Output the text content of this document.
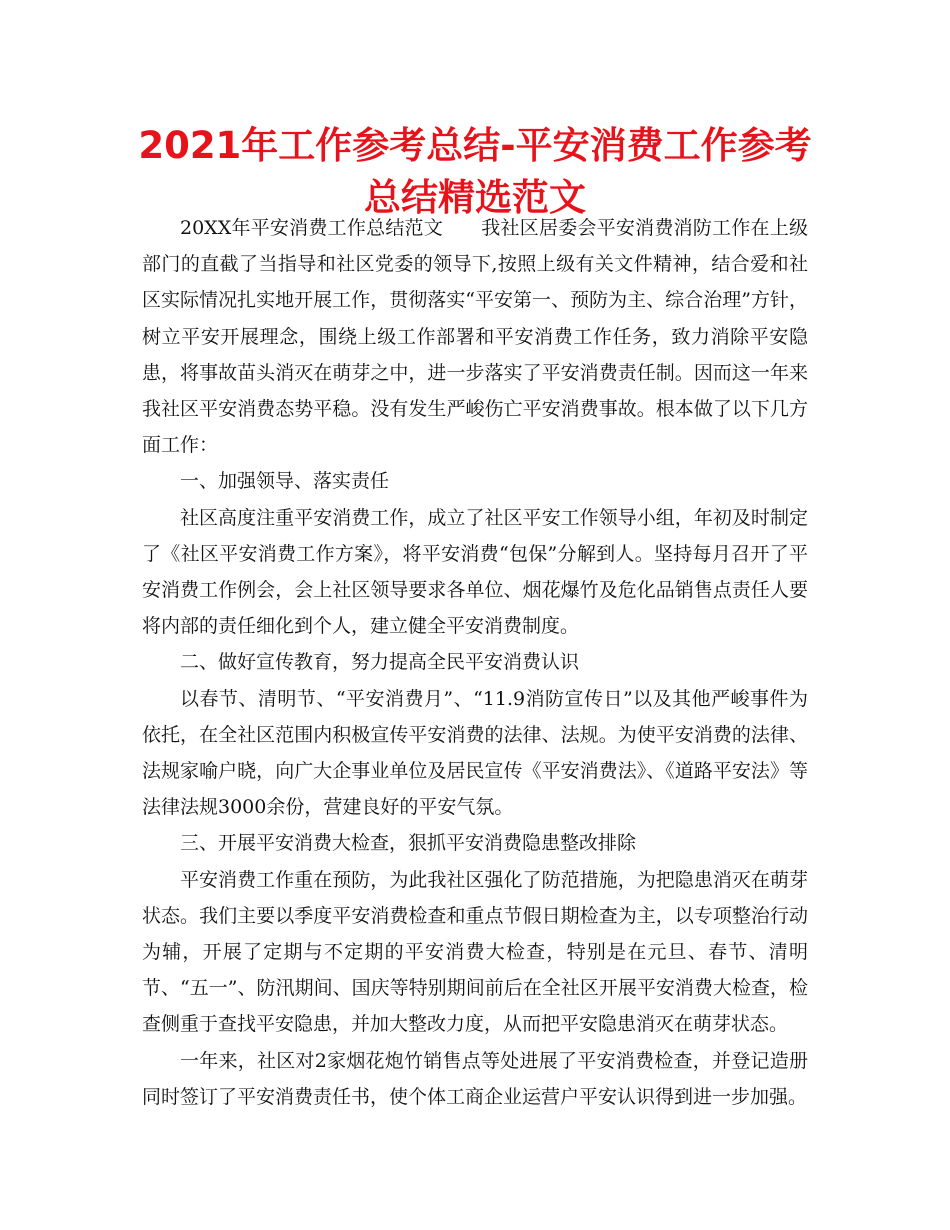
2021年工作参考总结-平安消费工作参考总结精选范文

20XX年平安消费工作总结范文 我社区居委会平安消费消防工作在上级部门的直截了当指导和社区党委的领导下,按照上级有关文件精神，结合爱和社区实际情况扎实地开展工作，贯彻落实“平安第一、预防为主、综合治理”方针，树立平安开展理念，围绕上级工作部署和平安消费工作任务，致力消除平安隐患，将事故苗头消灭在萌芽之中，进一步落实了平安消费责任制。因而这一年来我社区平安消费态势平稳。没有发生严峻伤亡平安消费事故。根本做了以下几方面工作：

一、加强领导、落实责任

社区高度注重平安消费工作，成立了社区平安工作领导小组，年初及时制定了《社区平安消费工作方案》，将平安消费“包保”分解到人。坚持每月召开了平安消费工作例会，会上社区领导要求各单位、烟花爆竹及危化品销售点责任人要将内部的责任细化到个人，建立健全平安消费制度。

二、做好宣传教育，努力提高全民平安消费认识

以春节、清明节、“平安消费月”、“11.9消防宣传日”以及其他严峻事件为依托，在全社区范围内积极宣传平安消费的法律、法规。为使平安消费的法律、法规家喻户晓，向广大企事业单位及居民宣传《平安消费法》、《道路平安法》等法律法规3000余份，营建良好的平安气氛。

三、开展平安消费大检查，狠抓平安消费隐患整改排除

平安消费工作重在预防，为此我社区强化了防范措施，为把隐患消灭在萌芽状态。我们主要以季度平安消费检查和重点节假日期检查为主，以专项整治行动为辅，开展了定期与不定期的平安消费大检查，特别是在元旦、春节、清明节、“五一”、防汛期间、国庆等特别期间前后在全社区开展平安消费大检查，检查侧重于查找平安隐患，并加大整改力度，从而把平安隐患消灭在萌芽状态。

一年来，社区对2家烟花炮竹销售点等处进展了平安消费检查，并登记造册同时签订了平安消费责任书，使个体工商企业运营户平安认识得到进一步加强。
